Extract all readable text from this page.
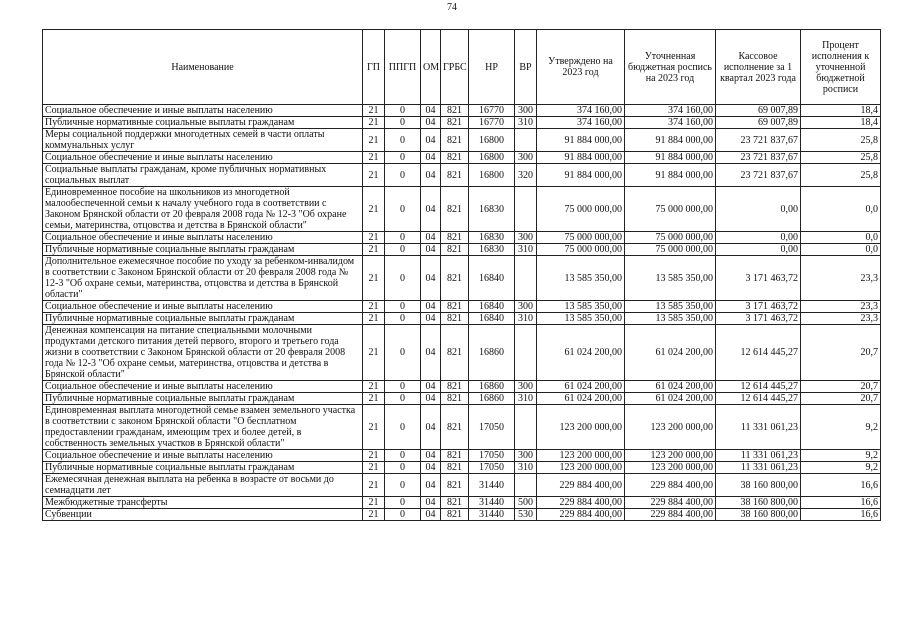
74
Наименование	ГП	ППГП	ОМ	ГРБС	НР	ВР	Утверждено на 2023 год	Уточненная бюджетная роспись на 2023 год	Кассовое исполнение за 1 квартал 2023 года	Процент исполнения к уточненной бюджетной росписи
Социальное обеспечение и иные выплаты населению	21	0	04	821	16770	300	374 160,00	374 160,00	69 007,89	18,4
Публичные нормативные социальные выплаты гражданам	21	0	04	821	16770	310	374 160,00	374 160,00	69 007,89	18,4
Меры социальной поддержки многодетных семей в части оплаты коммунальных услуг	21	0	04	821	16800		91 884 000,00	91 884 000,00	23 721 837,67	25,8
Социальное обеспечение и иные выплаты населению	21	0	04	821	16800	300	91 884 000,00	91 884 000,00	23 721 837,67	25,8
Социальные выплаты гражданам, кроме публичных нормативных социальных выплат	21	0	04	821	16800	320	91 884 000,00	91 884 000,00	23 721 837,67	25,8
Единовременное пособие на школьников из многодетной малообеспеченной семьи к началу учебного года в соответствии с Законом Брянской области от 20 февраля 2008 года № 12-3 "Об охране семьи, материнства, отцовства и детства в Брянской области"	21	0	04	821	16830		75 000 000,00	75 000 000,00	0,00	0,0
Социальное обеспечение и иные выплаты населению	21	0	04	821	16830	300	75 000 000,00	75 000 000,00	0,00	0,0
Публичные нормативные социальные выплаты гражданам	21	0	04	821	16830	310	75 000 000,00	75 000 000,00	0,00	0,0
Дополнительное ежемесячное пособие по уходу за ребенком-инвалидом в соответствии с Законом Брянской области от 20 февраля 2008 года № 12-3 "Об охране семьи, материнства, отцовства и детства в Брянской области"	21	0	04	821	16840		13 585 350,00	13 585 350,00	3 171 463,72	23,3
Социальное обеспечение и иные выплаты населению	21	0	04	821	16840	300	13 585 350,00	13 585 350,00	3 171 463,72	23,3
Публичные нормативные социальные выплаты гражданам	21	0	04	821	16840	310	13 585 350,00	13 585 350,00	3 171 463,72	23,3
Денежная компенсация на питание специальными молочными продуктами детского питания детей первого, второго и третьего года жизни в соответствии с Законом Брянской области от 20 февраля 2008 года № 12-3 "Об охране семьи, материнства, отцовства и детства в Брянской области"	21	0	04	821	16860		61 024 200,00	61 024 200,00	12 614 445,27	20,7
Социальное обеспечение и иные выплаты населению	21	0	04	821	16860	300	61 024 200,00	61 024 200,00	12 614 445,27	20,7
Публичные нормативные социальные выплаты гражданам	21	0	04	821	16860	310	61 024 200,00	61 024 200,00	12 614 445,27	20,7
Единовременная выплата многодетной семье взамен земельного участка в соответствии с законом Брянской области "О бесплатном предоставлении гражданам, имеющим трех и более детей, в собственность земельных участков в Брянской области"	21	0	04	821	17050		123 200 000,00	123 200 000,00	11 331 061,23	9,2
Социальное обеспечение и иные выплаты населению	21	0	04	821	17050	300	123 200 000,00	123 200 000,00	11 331 061,23	9,2
Публичные нормативные социальные выплаты гражданам	21	0	04	821	17050	310	123 200 000,00	123 200 000,00	11 331 061,23	9,2
Ежемесячная денежная выплата на ребенка в возрасте от восьми до семнадцати лет	21	0	04	821	31440		229 884 400,00	229 884 400,00	38 160 800,00	16,6
Межбюджетные трансферты	21	0	04	821	31440	500	229 884 400,00	229 884 400,00	38 160 800,00	16,6
Субвенции	21	0	04	821	31440	530	229 884 400,00	229 884 400,00	38 160 800,00	16,6
